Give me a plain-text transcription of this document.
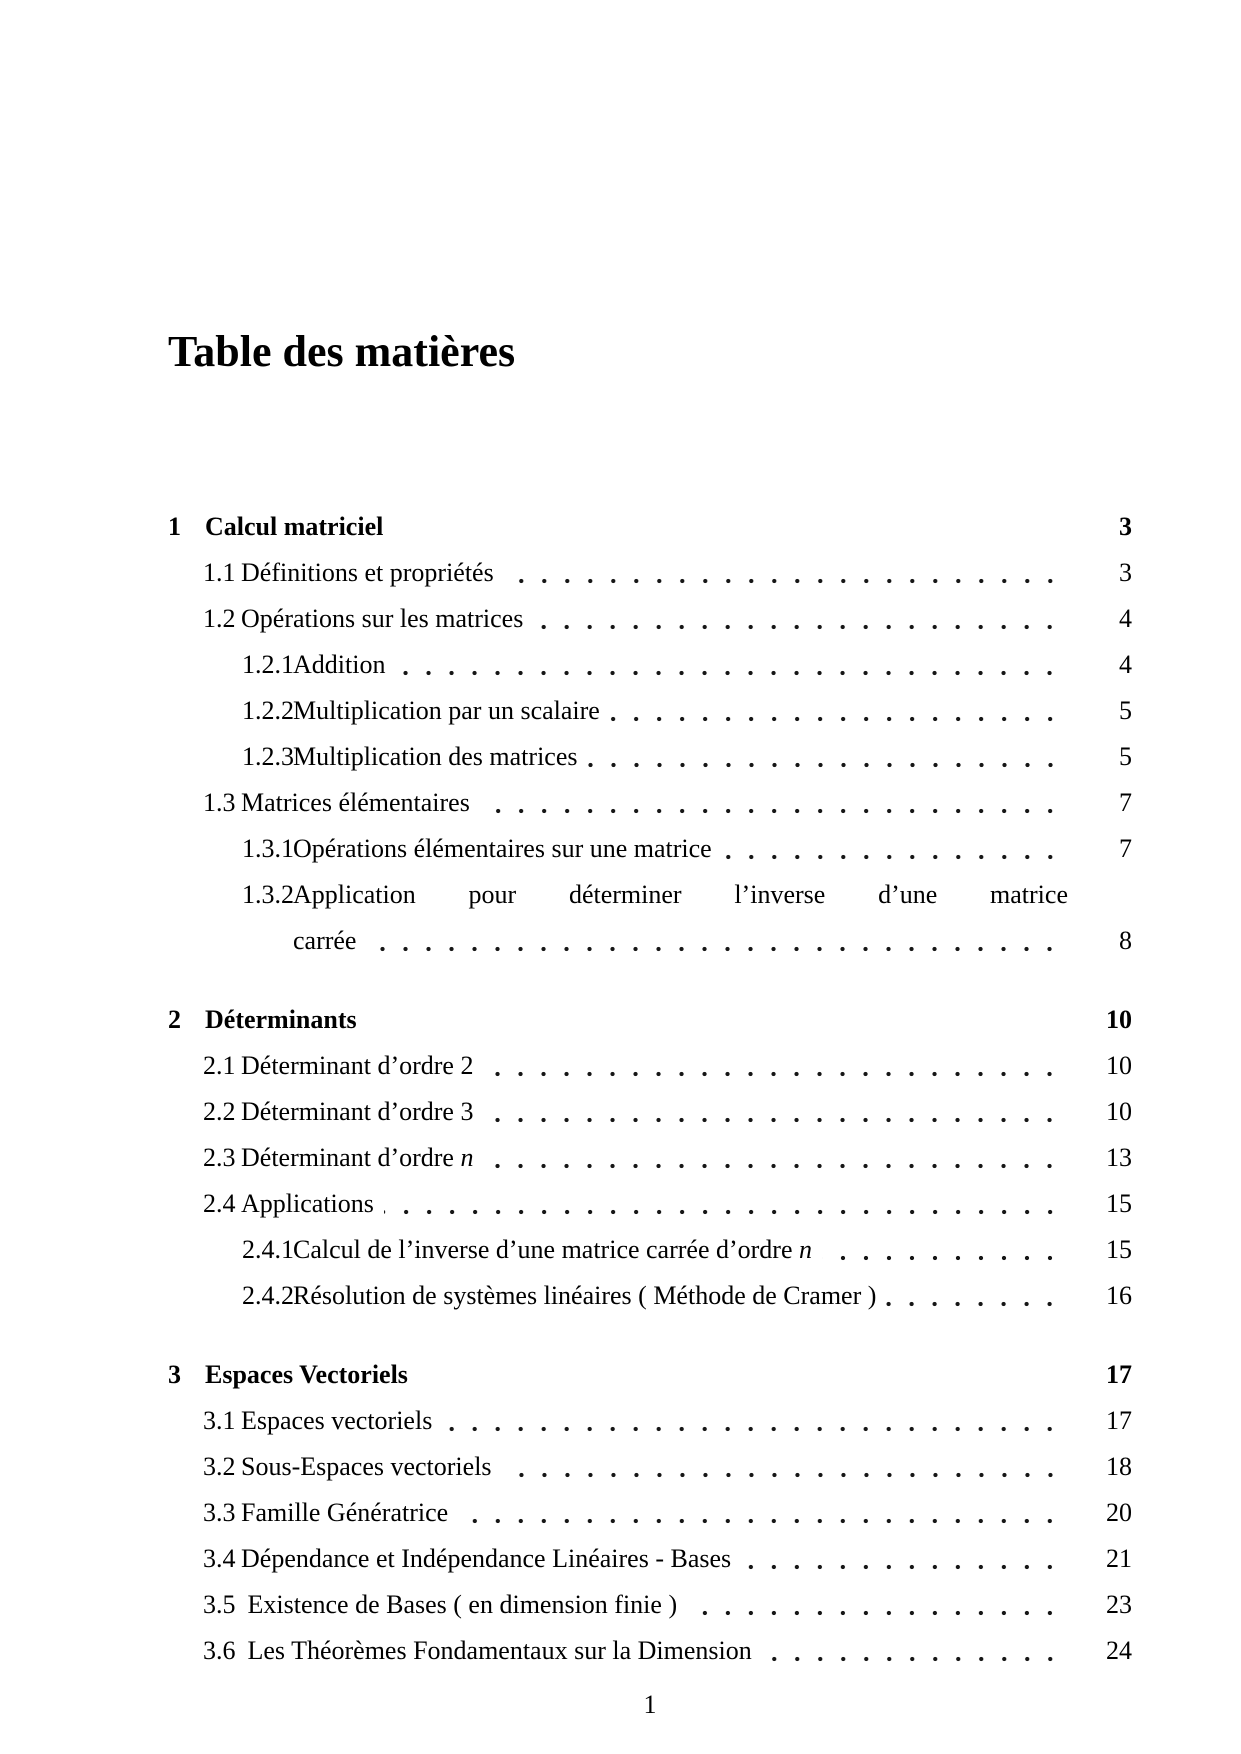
Table des matières
1 Calcul matriciel	3
1.1 Définitions et propriétés	3
1.2 Opérations sur les matrices	4
1.2.1 Addition	4
1.2.2 Multiplication par un scalaire	5
1.2.3 Multiplication des matrices	5
1.3 Matrices élémentaires	7
1.3.1 Opérations élémentaires sur une matrice	7
1.3.2 Application pour déterminer l’inverse d’une matrice
carrée	8
2 Déterminants	10
2.1 Déterminant d’ordre 2	10
2.2 Déterminant d’ordre 3	10
2.3 Déterminant d’ordre n	13
2.4 Applications	15
2.4.1 Calcul de l’inverse d’une matrice carrée d’ordre n	15
2.4.2 Résolution de systèmes linéaires ( Méthode de Cramer )	16
3 Espaces Vectoriels	17
3.1 Espaces vectoriels	17
3.2 Sous-Espaces vectoriels	18
3.3 Famille Génératrice	20
3.4 Dépendance et Indépendance Linéaires - Bases	21
3.5 Existence de Bases ( en dimension finie )	23
3.6 Les Théorèmes Fondamentaux sur la Dimension	24
1
